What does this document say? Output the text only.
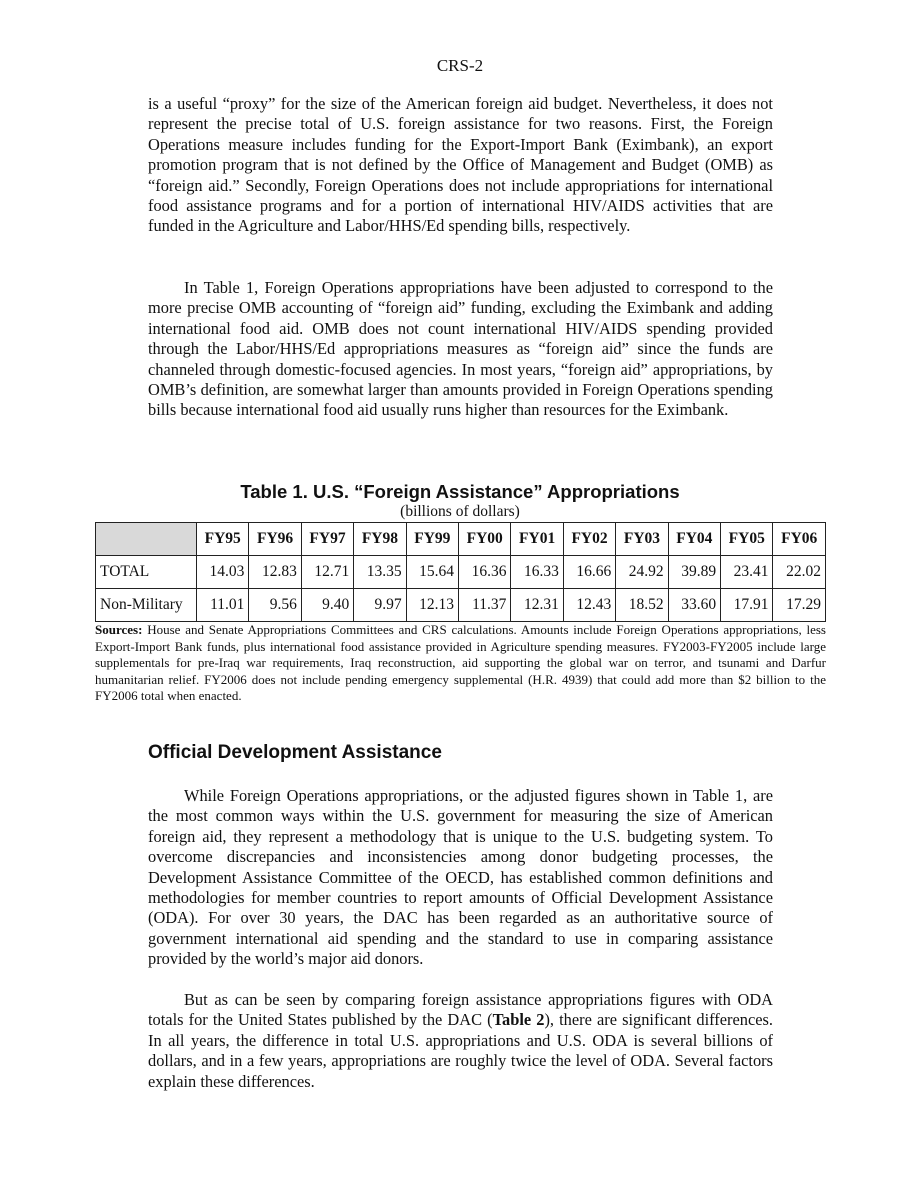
CRS-2

is a useful “proxy” for the size of the American foreign aid budget. Nevertheless, it does not represent the precise total of U.S. foreign assistance for two reasons. First, the Foreign Operations measure includes funding for the Export-Import Bank (Eximbank), an export promotion program that is not defined by the Office of Management and Budget (OMB) as “foreign aid.” Secondly, Foreign Operations does not include appropriations for international food assistance programs and for a portion of international HIV/AIDS activities that are funded in the Agriculture and Labor/HHS/Ed spending bills, respectively.

In Table 1, Foreign Operations appropriations have been adjusted to correspond to the more precise OMB accounting of “foreign aid” funding, excluding the Eximbank and adding international food aid. OMB does not count international HIV/AIDS spending provided through the Labor/HHS/Ed appropriations measures as “foreign aid” since the funds are channeled through domestic-focused agencies. In most years, “foreign aid” appropriations, by OMB’s definition, are somewhat larger than amounts provided in Foreign Operations spending bills because international food aid usually runs higher than resources for the Eximbank.

Table 1. U.S. “Foreign Assistance” Appropriations
(billions of dollars)
	FY95	FY96	FY97	FY98	FY99	FY00	FY01	FY02	FY03	FY04	FY05	FY06
TOTAL	14.03	12.83	12.71	13.35	15.64	16.36	16.33	16.66	24.92	39.89	23.41	22.02
Non-Military	11.01	9.56	9.40	9.97	12.13	11.37	12.31	12.43	18.52	33.60	17.91	17.29
Sources: House and Senate Appropriations Committees and CRS calculations. Amounts include Foreign Operations appropriations, less Export-Import Bank funds, plus international food assistance provided in Agriculture spending measures. FY2003-FY2005 include large supplementals for pre-Iraq war requirements, Iraq reconstruction, aid supporting the global war on terror, and tsunami and Darfur humanitarian relief. FY2006 does not include pending emergency supplemental (H.R. 4939) that could add more than $2 billion to the FY2006 total when enacted.
Official Development Assistance

While Foreign Operations appropriations, or the adjusted figures shown in Table 1, are the most common ways within the U.S. government for measuring the size of American foreign aid, they represent a methodology that is unique to the U.S. budgeting system. To overcome discrepancies and inconsistencies among donor budgeting processes, the Development Assistance Committee of the OECD, has established common definitions and methodologies for member countries to report amounts of Official Development Assistance (ODA). For over 30 years, the DAC has been regarded as an authoritative source of government international aid spending and the standard to use in comparing assistance provided by the world’s major aid donors.

But as can be seen by comparing foreign assistance appropriations figures with ODA totals for the United States published by the DAC (Table 2), there are significant differences. In all years, the difference in total U.S. appropriations and U.S. ODA is several billions of dollars, and in a few years, appropriations are roughly twice the level of ODA. Several factors explain these differences.
